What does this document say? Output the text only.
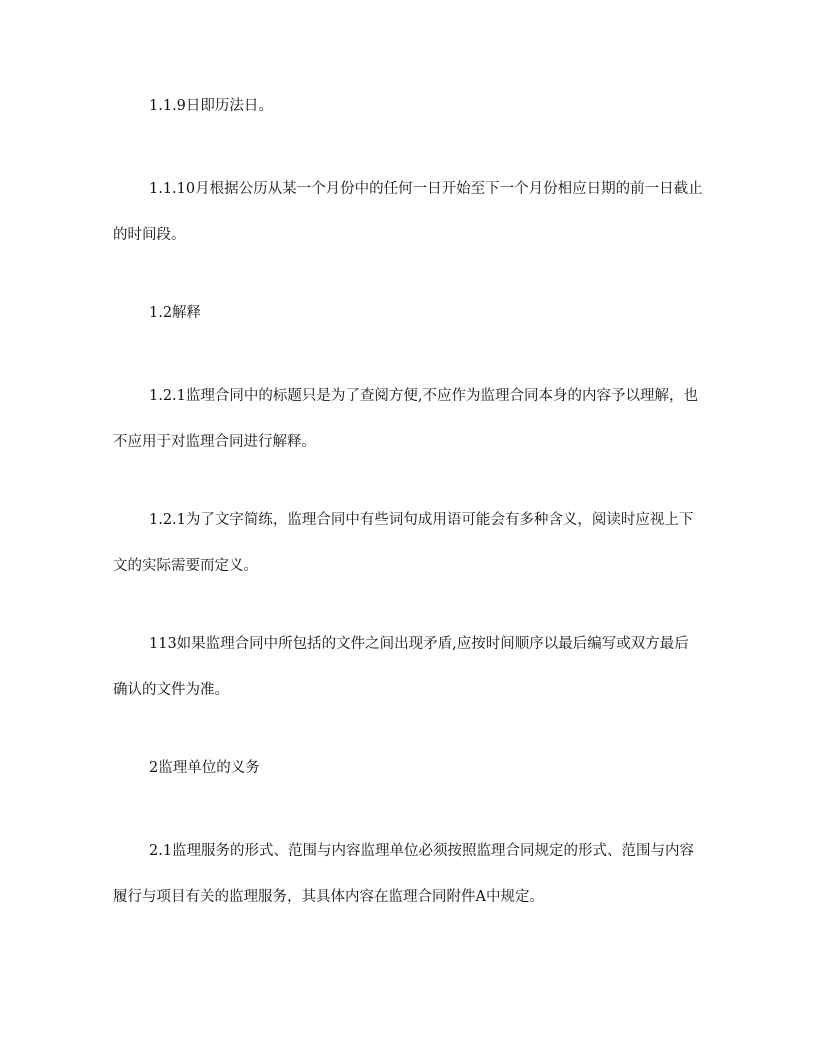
1.1.9日即历法日。

1.1.10月根据公历从某一个月份中的任何一日开始至下一个月份相应日期的前一日截止的时间段。

1.2解释

1.2.1监理合同中的标题只是为了查阅方便,不应作为监理合同本身的内容予以理解，也不应用于对监理合同进行解释。

1.2.1为了文字简练，监理合同中有些词句成用语可能会有多种含义，阅读时应视上下文的实际需要而定义。

113如果监理合同中所包括的文件之间出现矛盾,应按时间顺序以最后编写或双方最后确认的文件为准。

2监理单位的义务

2.1监理服务的形式、范围与内容监理单位必须按照监理合同规定的形式、范围与内容履行与项目有关的监理服务，其具体内容在监理合同附件A中规定。
